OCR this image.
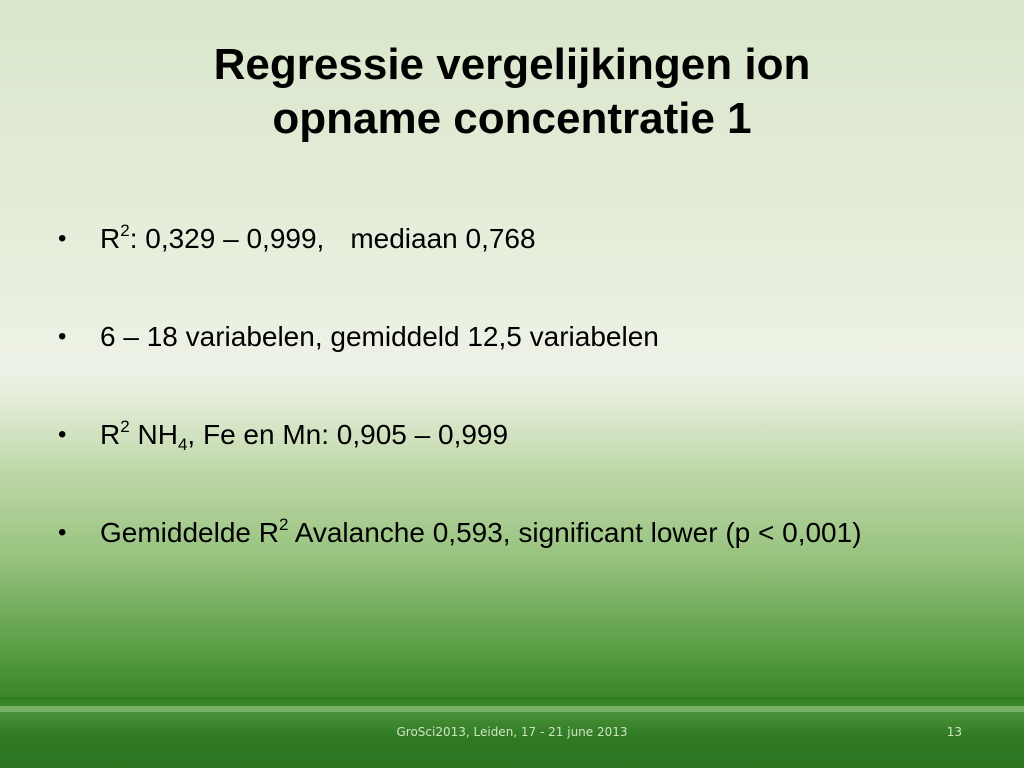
Regressie vergelijkingen ion
opname concentratie 1
•	$R^2$: 0,329 – 0,999, mediaan 0,768
•	6 – 18 variabelen, gemiddeld 12,5 variabelen
•	$R^2$ $NH_4$, Fe en Mn: 0,905 – 0,999
•	Gemiddelde $R^2$ Avalanche 0,593, significant lower (p < 0,001)
GroSci2013, Leiden, 17 - 21 june 2013	13
